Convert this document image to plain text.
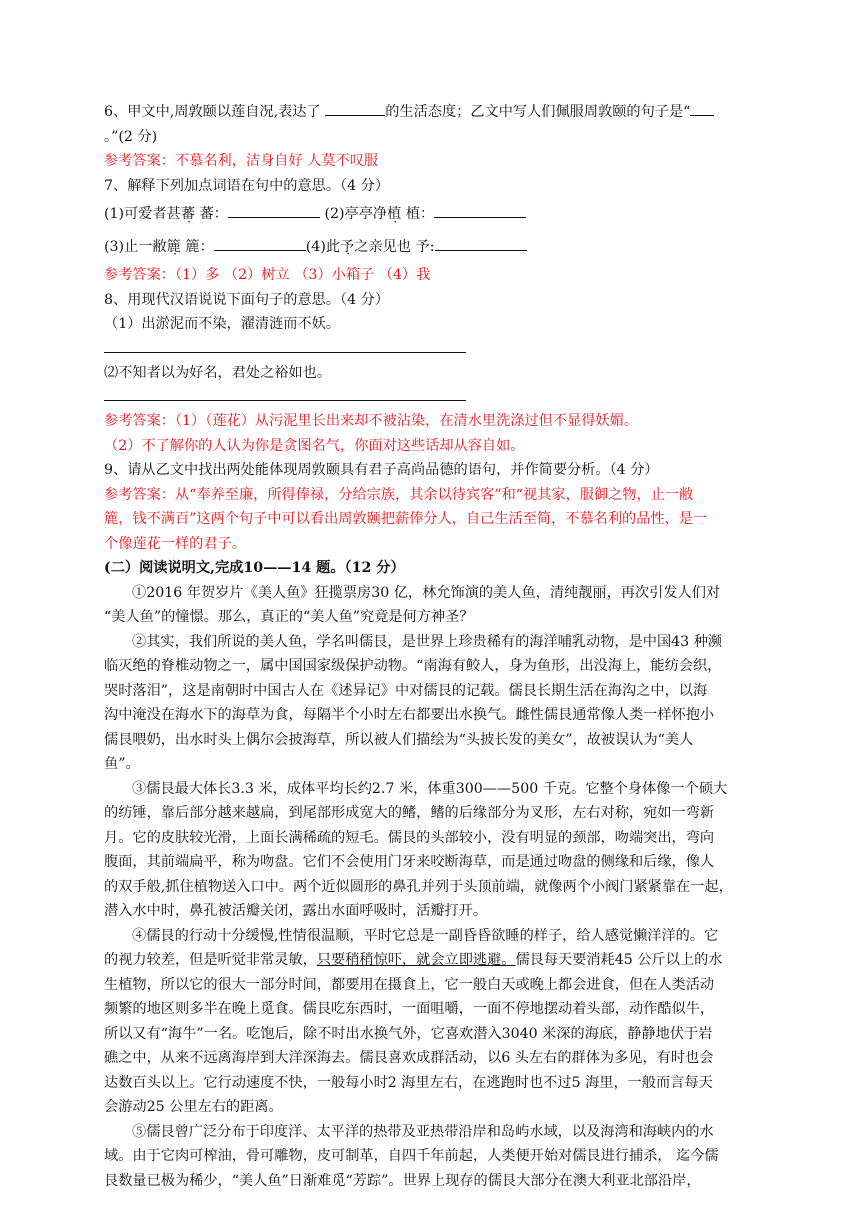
6、甲文中,周敦颐以莲自况,表达了	的生活态度；乙文中写人们佩服周敦颐的句子是“
。”(2 分)
参考答案：不慕名利，洁身自好 人莫不叹服
7、解释下列加点词语在句中的意思。（4 分）
(1)可爱者甚蕃 蕃：	(2)亭亭净植 植：
(3)止一敝簏 簏：	(4)此予之亲见也 予:
参考答案：（1）多 （2）树立 （3）小箱子 （4）我
8、用现代汉语说说下面句子的意思。（4 分）
（1）出淤泥而不染，濯清涟而不妖。
⑵不知者以为好名，君处之裕如也。
参考答案：（1）（莲花）从污泥里长出来却不被沾染，在清水里洗涤过但不显得妖媚。
（2）不了解你的人认为你是贪图名气，你面对这些话却从容自如。
9、请从乙文中找出两处能体现周敦颐具有君子高尚品德的语句，并作简要分析。（4 分）
参考答案：从“奉养至廉，所得俸禄，分给宗族，其余以待宾客”和“视其家，服御之物，止一敝
簏，钱不满百”这两个句子中可以看出周敦颐把薪俸分人，自己生活至简，不慕名利的品性，是一
个像莲花一样的君子。
(二）阅读说明文,完成10——14 题。（12 分）
①2016 年贺岁片《美人鱼》狂揽票房30 亿，林允饰演的美人鱼，清纯靓丽，再次引发人们对
“美人鱼”的憧憬。那么，真正的“美人鱼”究竟是何方神圣？
②其实，我们所说的美人鱼，学名叫儒艮，是世界上珍贵稀有的海洋哺乳动物，是中国43 种濒
临灭绝的脊椎动物之一，属中国国家级保护动物。“南海有鲛人，身为鱼形，出没海上，能纺会织，
哭时落泪”，这是南朝时中国古人在《述异记》中对儒艮的记载。儒艮长期生活在海沟之中，以海
沟中淹没在海水下的海草为食，每隔半个小时左右都要出水换气。雌性儒艮通常像人类一样怀抱小
儒艮喂奶，出水时头上偶尔会披海草，所以被人们描绘为“头披长发的美女”，故被误认为“美人
鱼”。
③儒艮最大体长3.3 米，成体平均长约2.7 米，体重300——500 千克。它整个身体像一个硕大
的纺锤，靠后部分越来越扁，到尾部形成宽大的鳍，鳍的后缘部分为叉形，左右对称，宛如一弯新
月。它的皮肤较光滑，上面长满稀疏的短毛。儒艮的头部较小，没有明显的颈部，吻端突出，弯向
腹面，其前端扁平，称为吻盘。它们不会使用门牙来咬断海草，而是通过吻盘的侧缘和后缘，像人
的双手般,抓住植物送入口中。两个近似圆形的鼻孔并列于头顶前端，就像两个小阀门紧紧靠在一起，
潜入水中时，鼻孔被活瓣关闭，露出水面呼吸时，活瓣打开。
④儒艮的行动十分缓慢,性情很温顺，平时它总是一副昏昏欲睡的样子，给人感觉懒洋洋的。它
的视力较差，但是听觉非常灵敏，只要稍稍惊吓，就会立即逃避。儒艮每天要消耗45 公斤以上的水
生植物，所以它的很大一部分时间，都要用在摄食上，它一般白天或晚上都会进食，但在人类活动
频繁的地区则多半在晚上觅食。儒艮吃东西时，一面咀嚼，一面不停地摆动着头部，动作酷似牛，
所以又有“海牛”一名。吃饱后，除不时出水换气外，它喜欢潜入3040 米深的海底，静静地伏于岩
礁之中，从来不远离海岸到大洋深海去。儒艮喜欢成群活动，以6 头左右的群体为多见，有时也会
达数百头以上。它行动速度不快，一般每小时2 海里左右，在逃跑时也不过5 海里，一般而言每天
会游动25 公里左右的距离。
⑤儒艮曾广泛分布于印度洋、太平洋的热带及亚热带沿岸和岛屿水域，以及海湾和海峡内的水
域。由于它肉可榨油，骨可雕物，皮可制革，自四千年前起，人类便开始对儒艮进行捕杀， 迄今儒
艮数量已极为稀少，“美人鱼”日渐难觅“芳踪”。世界上现存的儒艮大部分在澳大利亚北部沿岸，
